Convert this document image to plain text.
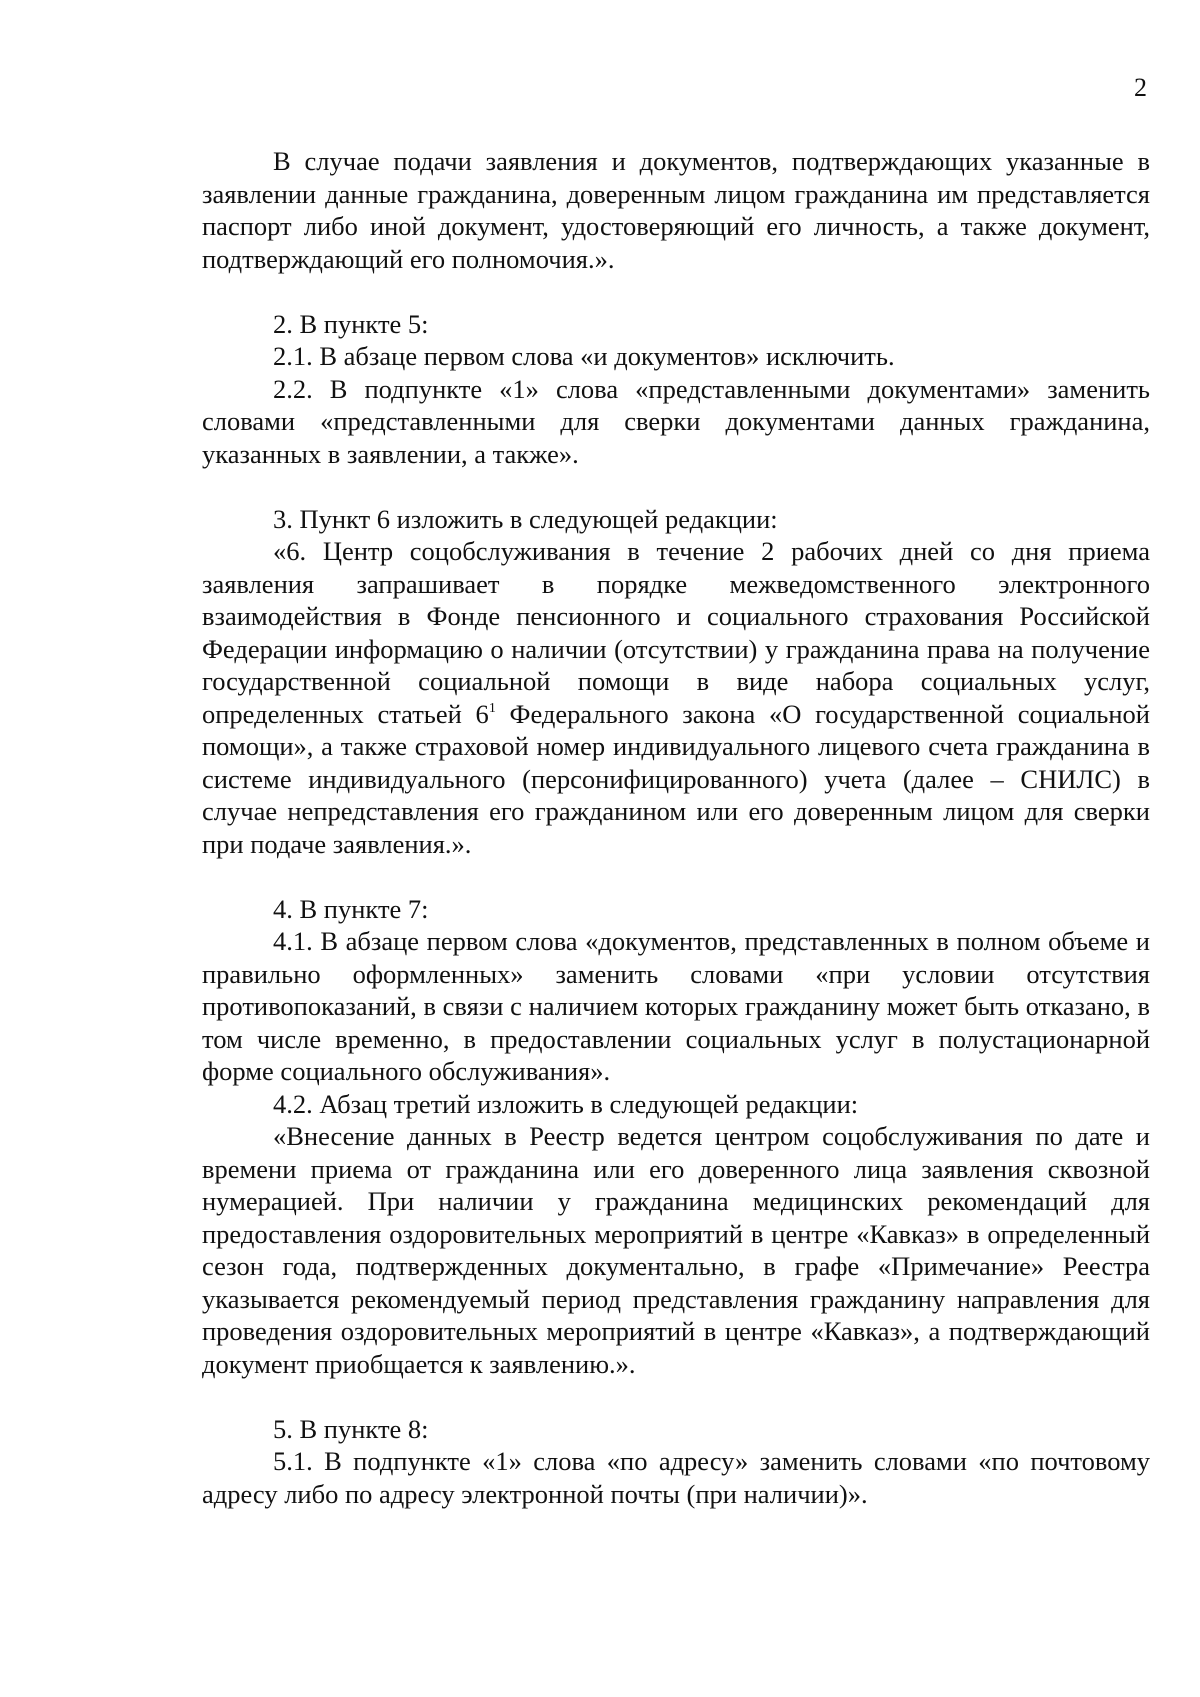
2

В случае подачи заявления и документов, подтверждающих указанные в заявлении данные гражданина, доверенным лицом гражданина им представляется паспорт либо иной документ, удостоверяющий его личность, а также документ, подтверждающий его полномочия.».

2. В пункте 5:

2.1. В абзаце первом слова «и документов» исключить.

2.2. В подпункте «1» слова «представленными документами» заменить словами «представленными для сверки документами данных гражданина, указанных в заявлении, а также».

3. Пункт 6 изложить в следующей редакции:

«6. Центр соцобслуживания в течение 2 рабочих дней со дня приема заявления запрашивает в порядке межведомственного электронного взаимодействия в Фонде пенсионного и социального страхования Российской Федерации информацию о наличии (отсутствии) у гражданина права на получение государственной социальной помощи в виде набора социальных услуг, определенных статьей $6^1$ Федерального закона «О государственной социальной помощи», а также страховой номер индивидуального лицевого счета гражданина в системе индивидуального (персонифицированного) учета (далее – СНИЛС) в случае непредставления его гражданином или его доверенным лицом для сверки при подаче заявления.».

4. В пункте 7:

4.1. В абзаце первом слова «документов, представленных в полном объеме и правильно оформленных» заменить словами «при условии отсутствия противопоказаний, в связи с наличием которых гражданину может быть отказано, в том числе временно, в предоставлении социальных услуг в полустационарной форме социального обслуживания».

4.2. Абзац третий изложить в следующей редакции:

«Внесение данных в Реестр ведется центром соцобслуживания по дате и времени приема от гражданина или его доверенного лица заявления сквозной нумерацией. При наличии у гражданина медицинских рекомендаций для предоставления оздоровительных мероприятий в центре «Кавказ» в определенный сезон года, подтвержденных документально, в графе «Примечание» Реестра указывается рекомендуемый период представления гражданину направления для проведения оздоровительных мероприятий в центре «Кавказ», а подтверждающий документ приобщается к заявлению.».

5. В пункте 8:

5.1. В подпункте «1» слова «по адресу» заменить словами «по почтовому адресу либо по адресу электронной почты (при наличии)».
